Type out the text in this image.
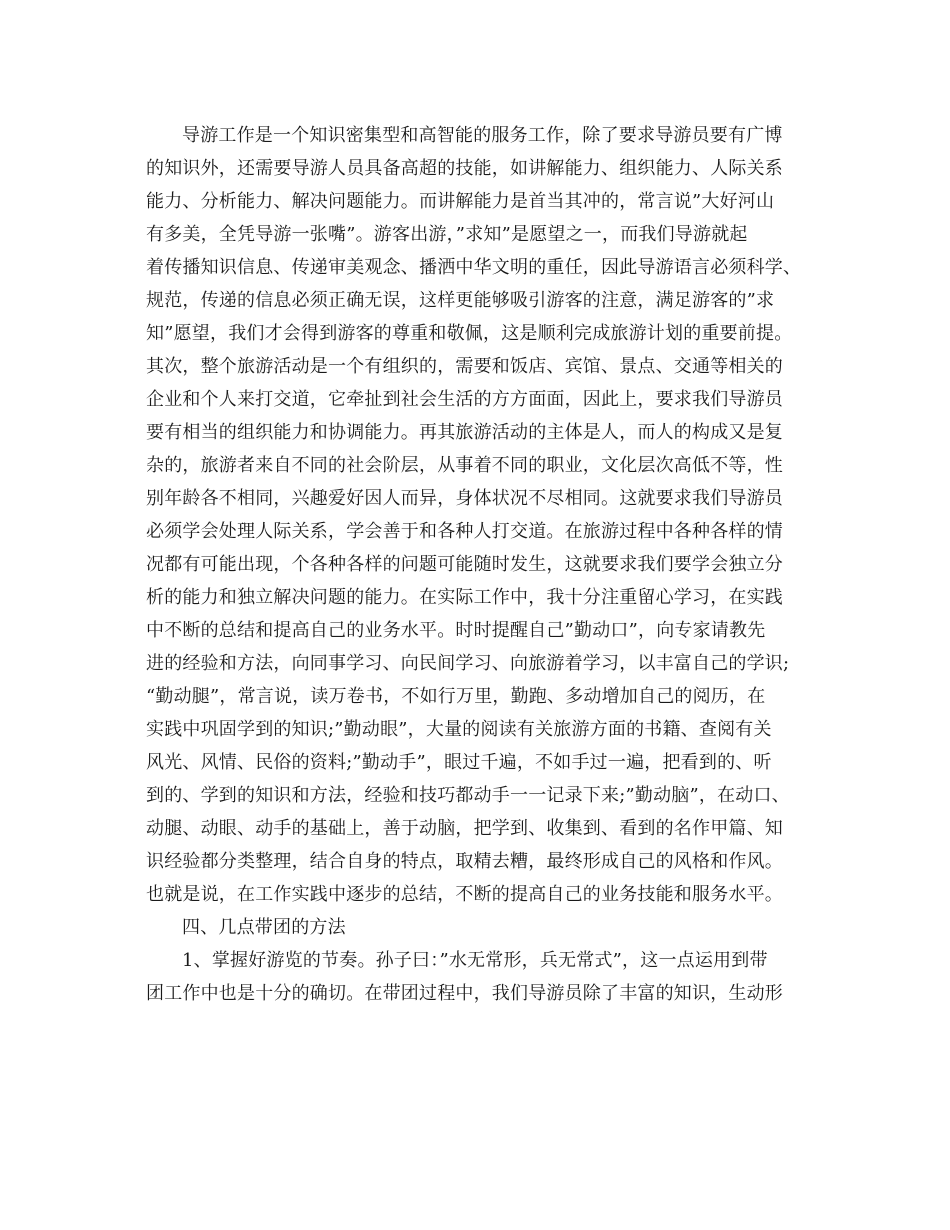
导游工作是一个知识密集型和高智能的服务工作，除了要求导游员要有广博
的知识外，还需要导游人员具备高超的技能，如讲解能力、组织能力、人际关系
能力、分析能力、解决问题能力。而讲解能力是首当其冲的，常言说”大好河山
有多美，全凭导游一张嘴”。游客出游，”求知”是愿望之一，而我们导游就起
着传播知识信息、传递审美观念、播洒中华文明的重任，因此导游语言必须科学、
规范，传递的信息必须正确无误，这样更能够吸引游客的注意，满足游客的”求
知”愿望，我们才会得到游客的尊重和敬佩，这是顺利完成旅游计划的重要前提。
其次，整个旅游活动是一个有组织的，需要和饭店、宾馆、景点、交通等相关的
企业和个人来打交道，它牵扯到社会生活的方方面面，因此上，要求我们导游员
要有相当的组织能力和协调能力。再其旅游活动的主体是人，而人的构成又是复
杂的，旅游者来自不同的社会阶层，从事着不同的职业，文化层次高低不等，性
别年龄各不相同，兴趣爱好因人而异，身体状况不尽相同。这就要求我们导游员
必须学会处理人际关系，学会善于和各种人打交道。在旅游过程中各种各样的情
况都有可能出现，个各种各样的问题可能随时发生，这就要求我们要学会独立分
析的能力和独立解决问题的能力。在实际工作中，我十分注重留心学习，在实践
中不断的总结和提高自己的业务水平。时时提醒自己”勤动口”，向专家请教先
进的经验和方法，向同事学习、向民间学习、向旅游着学习，以丰富自己的学识;
“勤动腿”，常言说，读万卷书，不如行万里，勤跑、多动增加自己的阅历，在
实践中巩固学到的知识;”勤动眼”，大量的阅读有关旅游方面的书籍、查阅有关
风光、风情、民俗的资料;”勤动手”，眼过千遍，不如手过一遍，把看到的、听
到的、学到的知识和方法，经验和技巧都动手一一记录下来;”勤动脑”，在动口、
动腿、动眼、动手的基础上，善于动脑，把学到、收集到、看到的名作甲篇、知
识经验都分类整理，结合自身的特点，取精去糟，最终形成自己的风格和作风。
也就是说，在工作实践中逐步的总结，不断的提高自己的业务技能和服务水平。
四、几点带团的方法
1、掌握好游览的节奏。孙子曰：”水无常形，兵无常式”，这一点运用到带
团工作中也是十分的确切。在带团过程中，我们导游员除了丰富的知识，生动形
